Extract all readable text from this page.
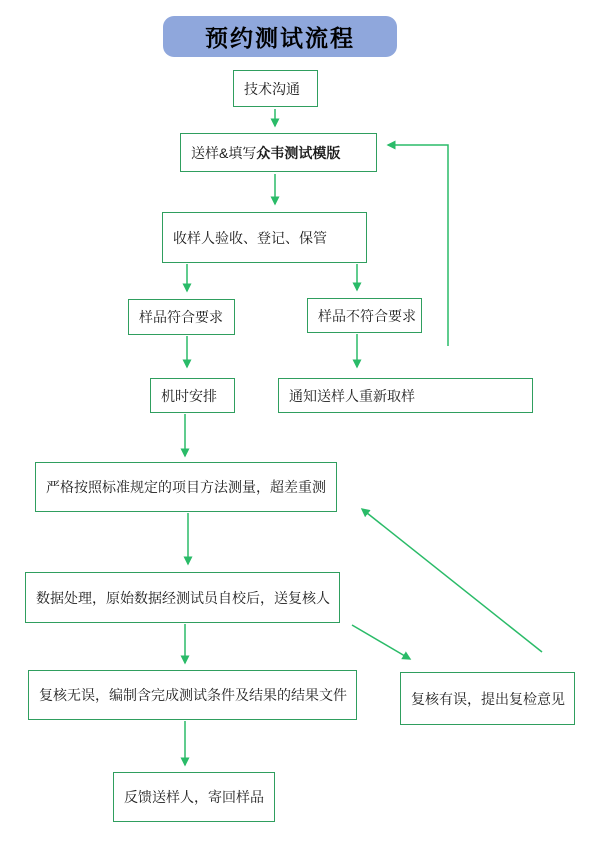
预约测试流程
技术沟通
送样&填写众韦测试模版
收样人验收、登记、保管
样品符合要求	样品不符合要求
机时安排	通知送样人重新取样
严格按照标准规定的项目方法测量，超差重测
数据处理，原始数据经测试员自校后，送复核人
复核无误，编制含完成测试条件及结果的结果文件	复核有误，提出复检意见
反馈送样人，寄回样品
